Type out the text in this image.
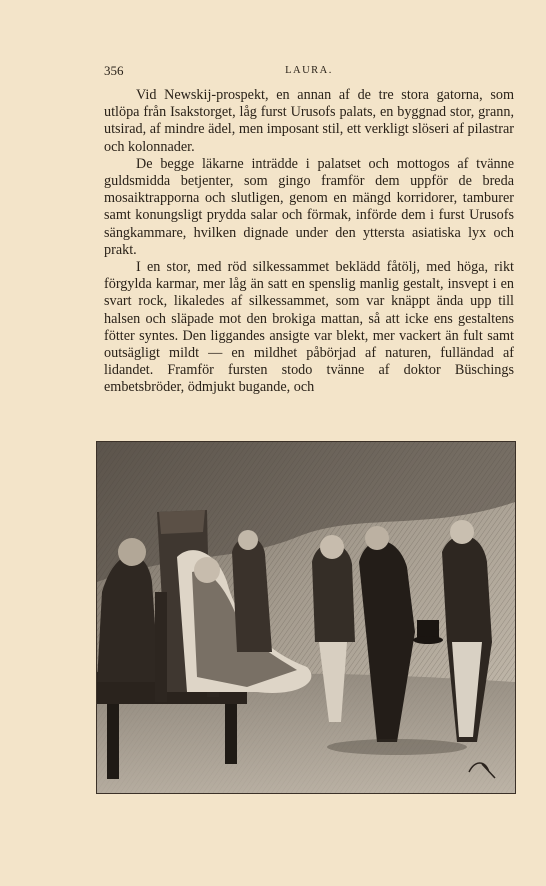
356	LAURA.

Vid Newskij-prospekt, en annan af de tre stora gatorna, som utlöpa från Isakstorget, låg furst Urusofs palats, en byggnad stor, grann, utsirad, af mindre ädel, men imposant stil, ett verkligt slöseri af pilastrar och kolonnader.

De begge läkarne inträdde i palatset och mottogos af tvänne guldsmidda betjenter, som gingo framför dem uppför de breda mosaiktrapporna och slutligen, genom en mängd korridorer, tamburer samt konungsligt prydda salar och förmak, införde dem i furst Urusofs sängkammare, hvilken dignade under den yttersta asiatiska lyx och prakt.

I en stor, med röd silkessammet beklädd fåtölj, med höga, rikt förgylda karmar, mer låg än satt en spenslig manlig gestalt, insvept i en svart rock, likaledes af silkessammet, som var knäppt ända upp till halsen och släpade mot den brokiga mattan, så att icke ens gestaltens fötter syntes. Den liggandes ansigte var blekt, mer vackert än fult samt outsägligt mildt — en mildhet påbörjad af naturen, fulländad af lidandet. Framför fursten stodo tvänne af doktor Büschings embetsbröder, ödmjukt bugande, och
